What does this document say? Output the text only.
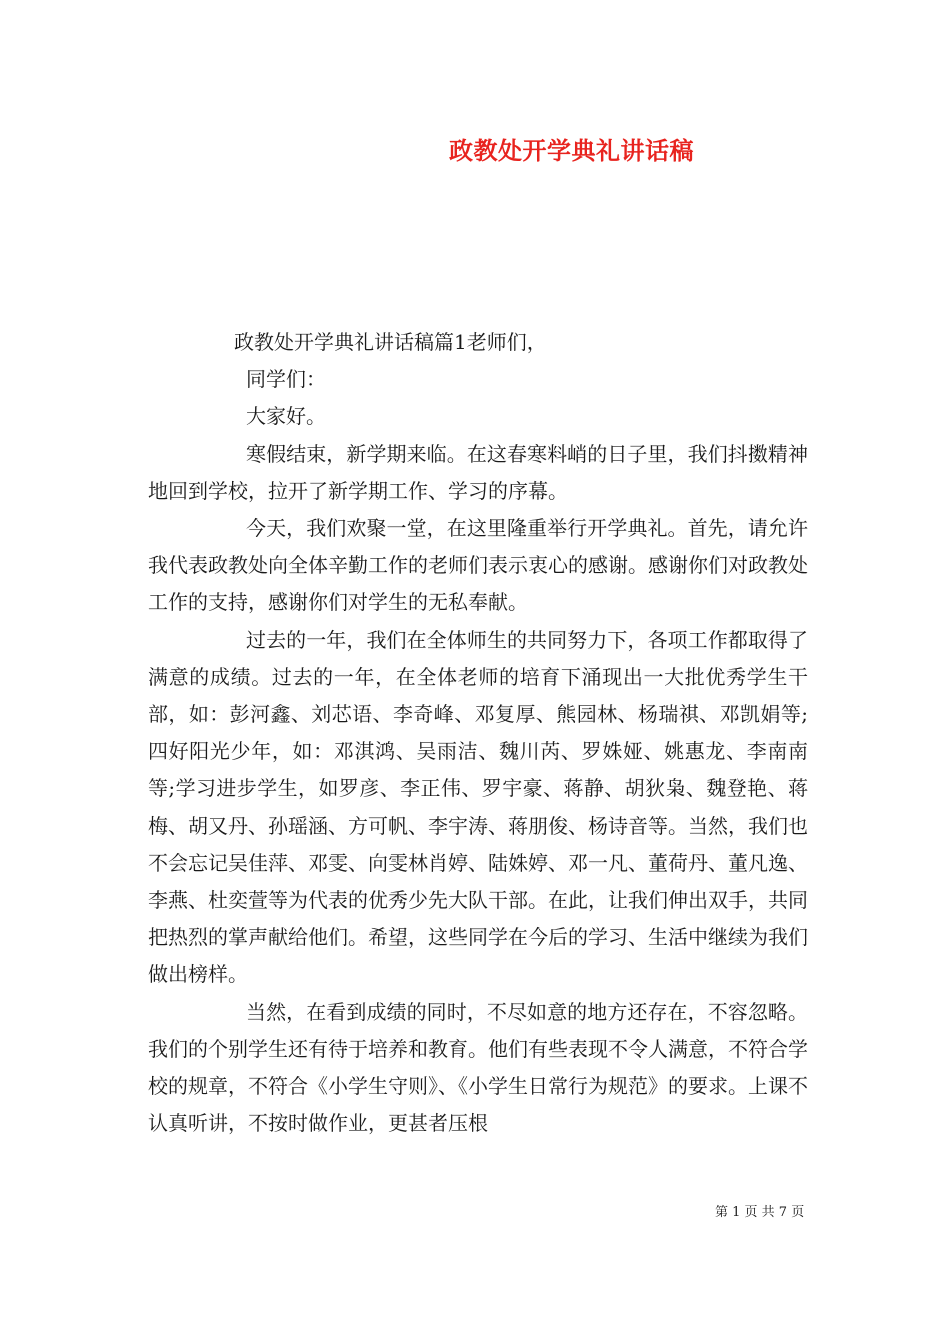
政教处开学典礼讲话稿

政教处开学典礼讲话稿篇1老师们，

同学们：

大家好。

寒假结束，新学期来临。在这春寒料峭的日子里，我们抖擞精神地回到学校，拉开了新学期工作、学习的序幕。

今天，我们欢聚一堂，在这里隆重举行开学典礼。首先，请允许我代表政教处向全体辛勤工作的老师们表示衷心的感谢。感谢你们对政教处工作的支持，感谢你们对学生的无私奉献。

过去的一年，我们在全体师生的共同努力下，各项工作都取得了满意的成绩。过去的一年，在全体老师的培育下涌现出一大批优秀学生干部，如：彭河鑫、刘芯语、李奇峰、邓复厚、熊园林、杨瑞祺、邓凯娟等;四好阳光少年，如：邓淇鸿、吴雨洁、魏川芮、罗姝娅、姚惠龙、李南南等;学习进步学生，如罗彦、李正伟、罗宇豪、蒋静、胡狄枭、魏登艳、蒋梅、胡又丹、孙瑶涵、方可帆、李宇涛、蒋朋俊、杨诗音等。当然，我们也不会忘记吴佳萍、邓雯、向雯林肖婷、陆姝婷、邓一凡、董荷丹、董凡逸、李燕、杜奕萱等为代表的优秀少先大队干部。在此，让我们伸出双手，共同把热烈的掌声献给他们。希望，这些同学在今后的学习、生活中继续为我们做出榜样。

当然，在看到成绩的同时，不尽如意的地方还存在，不容忽略。我们的个别学生还有待于培养和教育。他们有些表现不令人满意，不符合学校的规章，不符合《小学生守则》、《小学生日常行为规范》的要求。上课不认真听讲，不按时做作业，更甚者压根

第 1 页 共 7 页
